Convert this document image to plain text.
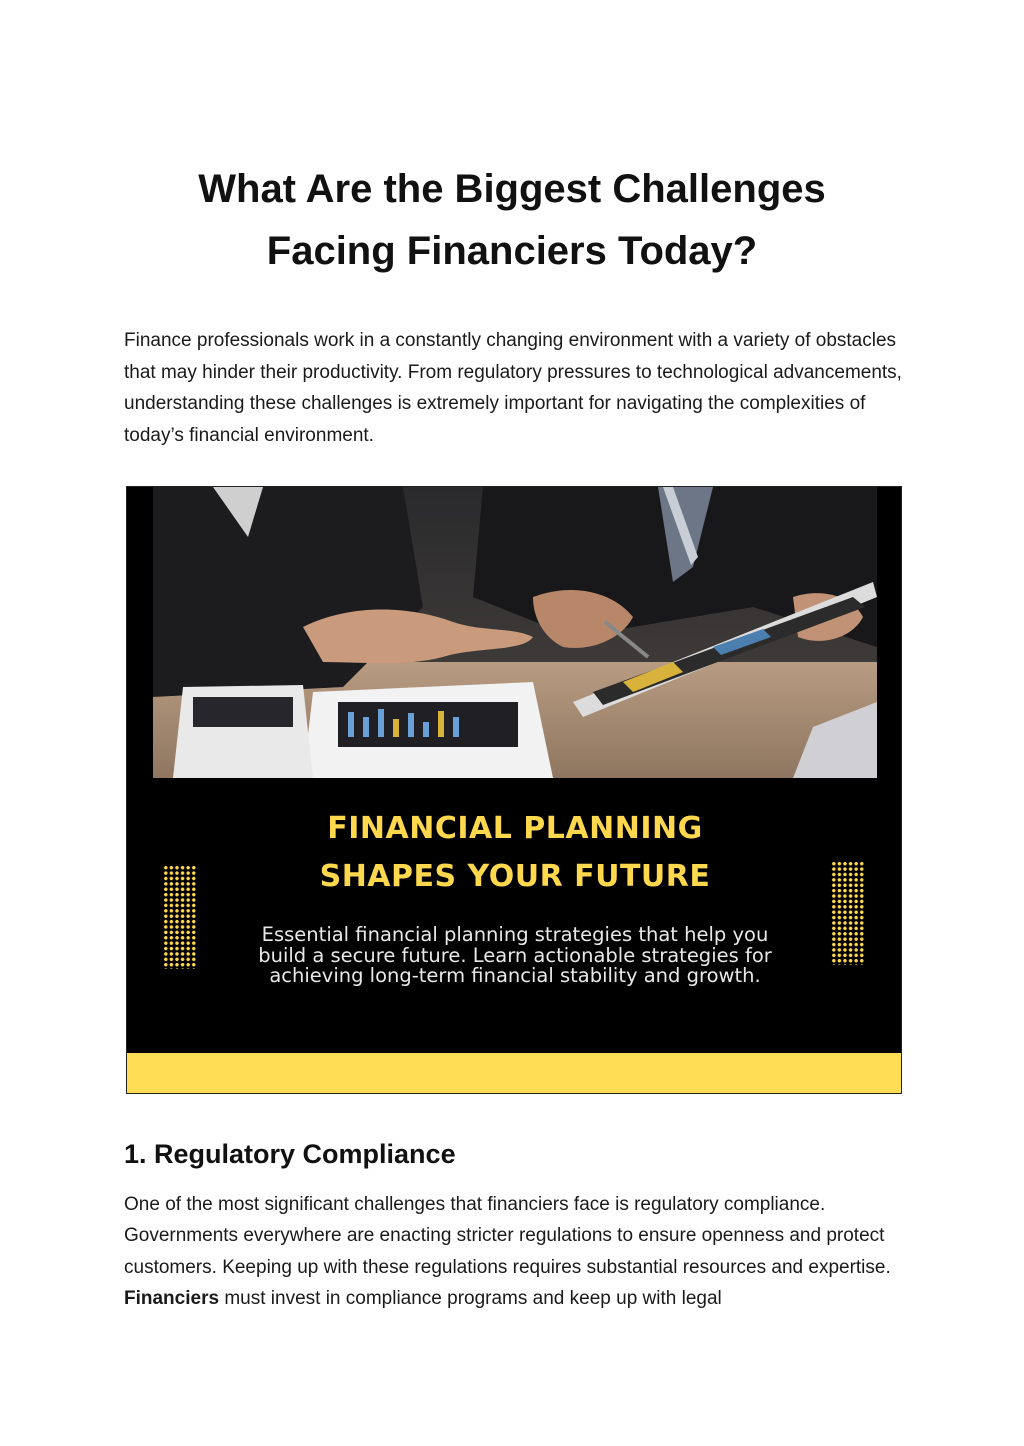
What Are the Biggest Challenges
Facing Financiers Today?

Finance professionals work in a constantly changing environment with a variety of obstacles that may hinder their productivity. From regulatory pressures to technological advancements, understanding these challenges is extremely important for navigating the complexities of today’s financial environment.

FINANCIAL PLANNING
SHAPES YOUR FUTURE
Essential financial planning strategies that help you build a secure future. Learn actionable strategies for achieving long-term financial stability and growth.
1. Regulatory Compliance

One of the most significant challenges that financiers face is regulatory compliance. Governments everywhere are enacting stricter regulations to ensure openness and protect customers. Keeping up with these regulations requires substantial resources and expertise. Financiers must invest in compliance programs and keep up with legal
